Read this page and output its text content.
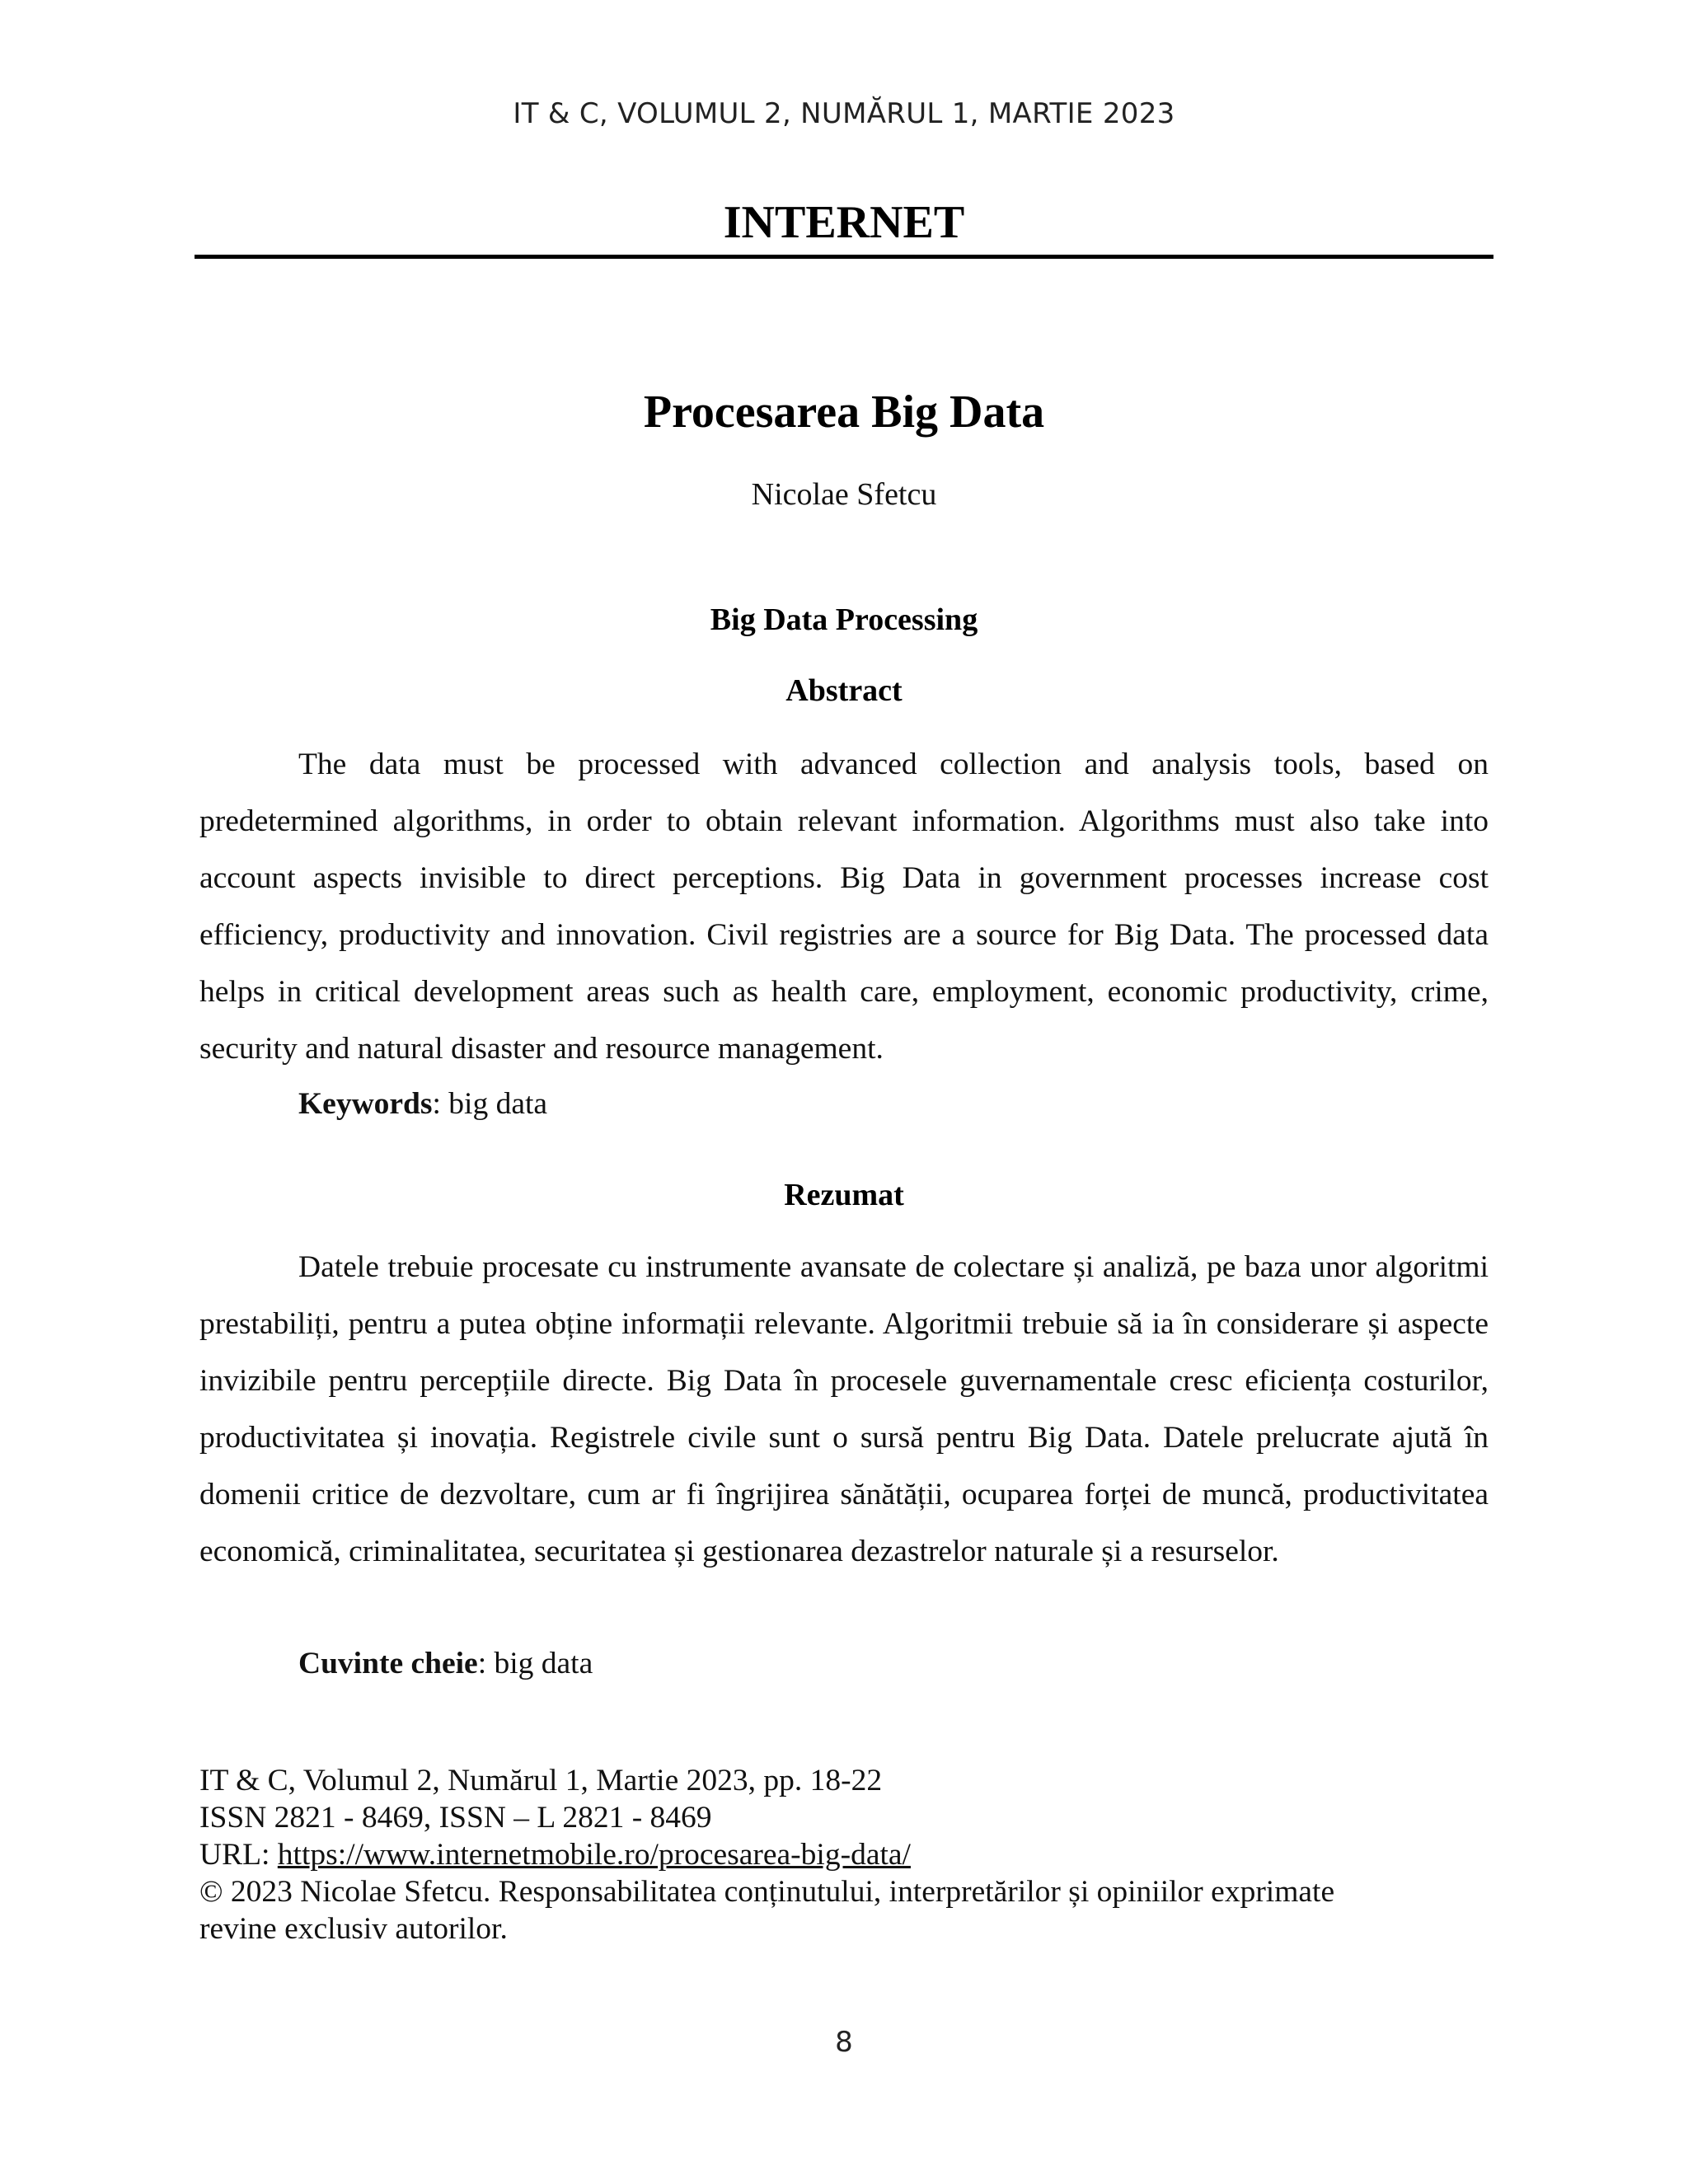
IT & C, VOLUMUL 2, NUMĂRUL 1, MARTIE 2023
INTERNET
Procesarea Big Data
Nicolae Sfetcu
Big Data Processing
Abstract

The data must be processed with advanced collection and analysis tools, based on predetermined algorithms, in order to obtain relevant information. Algorithms must also take into account aspects invisible to direct perceptions. Big Data in government processes increase cost efficiency, productivity and innovation. Civil registries are a source for Big Data. The processed data helps in critical development areas such as health care, employment, economic productivity, crime, security and natural disaster and resource management.

Keywords: big data
Rezumat

Datele trebuie procesate cu instrumente avansate de colectare și analiză, pe baza unor algoritmi prestabiliți, pentru a putea obține informații relevante. Algoritmii trebuie să ia în considerare și aspecte invizibile pentru percepțiile directe. Big Data în procesele guvernamentale cresc eficiența costurilor, productivitatea și inovația. Registrele civile sunt o sursă pentru Big Data. Datele prelucrate ajută în domenii critice de dezvoltare, cum ar fi îngrijirea sănătății, ocuparea forței de muncă, productivitatea economică, criminalitatea, securitatea și gestionarea dezastrelor naturale și a resurselor.

Cuvinte cheie: big data
IT & C, Volumul 2, Numărul 1, Martie 2023, pp. 18-22
ISSN 2821 - 8469, ISSN – L 2821 - 8469
URL: https://www.internetmobile.ro/procesarea-big-data/
© 2023 Nicolae Sfetcu. Responsabilitatea conținutului, interpretărilor și opiniilor exprimate
revine exclusiv autorilor.
8
